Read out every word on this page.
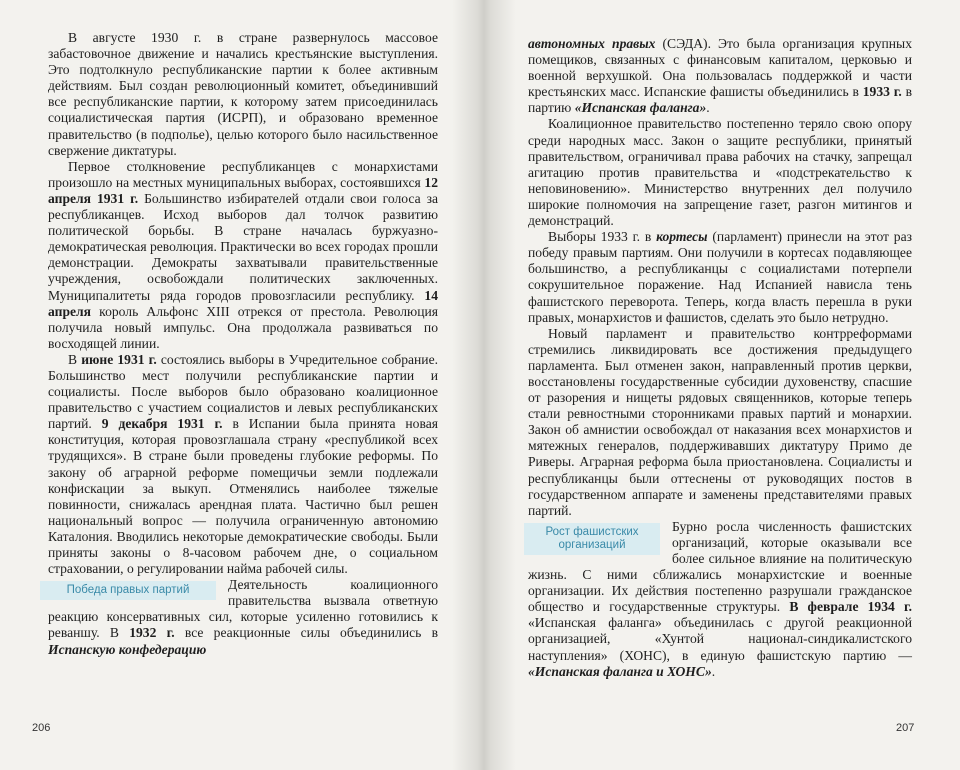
В августе 1930 г. в стране развернулось массовое забастовочное движение и начались крестьянские выступления. Это подтолкнуло республиканские партии к более активным действиям. Был создан революционный комитет, объединивший все республиканские партии, к которому затем присоединилась социалистическая партия (ИСРП), и образовано временное правительство (в подполье), целью которого было насильственное свержение диктатуры.

Первое столкновение республиканцев с монархистами произошло на местных муниципальных выборах, состоявшихся 12 апреля 1931 г. Большинство избирателей отдали свои голоса за республиканцев. Исход выборов дал толчок развитию политической борьбы. В стране началась буржуазно-демократическая революция. Практически во всех городах прошли демонстрации. Демократы захватывали правительственные учреждения, освобождали политических заключенных. Муниципалитеты ряда городов провозгласили республику. 14 апреля король Альфонс XIII отрекся от престола. Революция получила новый импульс. Она продолжала развиваться по восходящей линии.

В июне 1931 г. состоялись выборы в Учредительное собрание. Большинство мест получили республиканские партии и социалисты. После выборов было образовано коалиционное правительство с участием социалистов и левых республиканских партий. 9 декабря 1931 г. в Испании была принята новая конституция, которая провозглашала страну «республикой всех трудящихся». В стране были проведены глубокие реформы. По закону об аграрной реформе помещичьи земли подлежали конфискации за выкуп. Отменялись наиболее тяжелые повинности, снижалась арендная плата. Частично был решен национальный вопрос — получила ограниченную автономию Каталония. Вводились некоторые демократические свободы. Были приняты законы о 8-часовом рабочем дне, о социальном страховании, о регулировании найма рабочей силы.

Победа правых партий	Деятельность коалиционного правительства вызвала ответную реакцию консервативных сил, которые усиленно готовились к реваншу. В 1932 г. все реакционные силы объединились в Испанскую конфедерацию

206

автономных правых (СЭДА). Это была организация крупных помещиков, связанных с финансовым капиталом, церковью и военной верхушкой. Она пользовалась поддержкой и части крестьянских масс. Испанские фашисты объединились в 1933 г. в партию «Испанская фаланга».

Коалиционное правительство постепенно теряло свою опору среди народных масс. Закон о защите республики, принятый правительством, ограничивал права рабочих на стачку, запрещал агитацию против правительства и «подстрекательство к неповиновению». Министерство внутренних дел получило широкие полномочия на запрещение газет, разгон митингов и демонстраций.

Выборы 1933 г. в кортесы (парламент) принесли на этот раз победу правым партиям. Они получили в кортесах подавляющее большинство, а республиканцы с социалистами потерпели сокрушительное поражение. Над Испанией нависла тень фашистского переворота. Теперь, когда власть перешла в руки правых, монархистов и фашистов, сделать это было нетрудно.

Новый парламент и правительство контрреформами стремились ликвидировать все достижения предыдущего парламента. Был отменен закон, направленный против церкви, восстановлены государственные субсидии духовенству, спасшие от разорения и нищеты рядовых священников, которые теперь стали ревностными сторонниками правых партий и монархии. Закон об амнистии освобождал от наказания всех монархистов и мятежных генералов, поддерживавших диктатуру Примо де Риверы. Аграрная реформа была приостановлена. Социалисты и республиканцы были оттеснены от руководящих постов в государственном аппарате и заменены представителями правых партий.

Рост фашистских организаций
Бурно росла численность фашистских организаций, которые оказывали все более сильное влияние на политическую жизнь. С ними сближались монархистские и военные организации. Их действия постепенно разрушали гражданское общество и государственные структуры. В феврале 1934 г. «Испанская фаланга» объединилась с другой реакционной организацией, «Хунтой национал-синдикалистского наступления» (ХОНС), в единую фашистскую партию — «Испанская фаланга и ХОНС».

207
